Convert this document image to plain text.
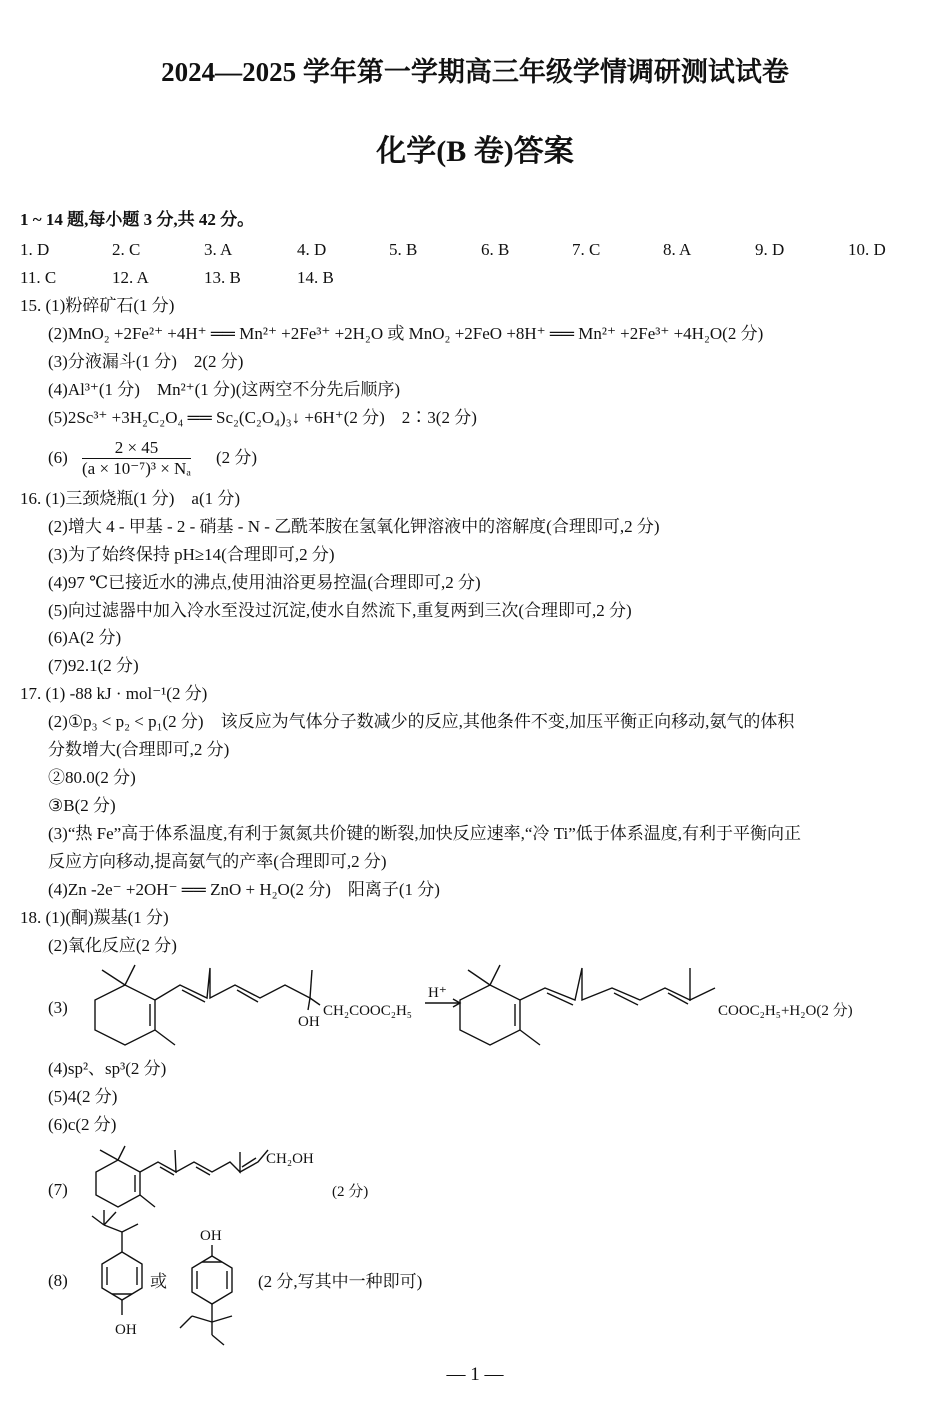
2024—2025 学年第一学期高三年级学情调研测试试卷
化学(B 卷)答案
1 ~ 14 题,每小题 3 分,共 42 分。
1. D	2. C	3. A	4. D	5. B	6. B	7. C	8. A	9. D	10. D
11. C	12. A	13. B	14. B
15. (1)粉碎矿石(1 分)
(2)MnO₂ +2Fe²⁺ +4H⁺ ══ Mn²⁺ +2Fe³⁺ +2H₂O 或 MnO₂ +2FeO +8H⁺ ══ Mn²⁺ +2Fe³⁺ +4H₂O(2 分)
(3)分液漏斗(1 分)　2(2 分)
(4)Al³⁺(1 分)　Mn²⁺(1 分)(这两空不分先后顺序)
(5)2Sc³⁺ +3H₂C₂O₄ ══ Sc₂(C₂O₄)₃↓ +6H⁺(2 分)　2∶3(2 分)
$(6) \frac{2 \times 45}{\text{(a × 10⁻⁷)³ × Nₐ}} (2$ 分)
16. (1)三颈烧瓶(1 分)　a(1 分)
(2)增大 4 - 甲基 - 2 - 硝基 - N - 乙酰苯胺在氢氧化钾溶液中的溶解度(合理即可,2 分)
(3)为了始终保持 pH≥14(合理即可,2 分)
(4)97 ℃已接近水的沸点,使用油浴更易控温(合理即可,2 分)
(5)向过滤器中加入冷水至没过沉淀,使水自然流下,重复两到三次(合理即可,2 分)
(6)A(2 分)
(7)92.1(2 分)
17. (1) -88 kJ · mol⁻¹(2 分)
(2)①p₃ < p₂ < p₁(2 分)　该反应为气体分子数减少的反应,其他条件不变,加压平衡正向移动,氨气的体积
分数增大(合理即可,2 分)
②80.0(2 分)
③B(2 分)
(3)“热 Fe”高于体系温度,有利于氮氮共价键的断裂,加快反应速率,“冷 Ti”低于体系温度,有利于平衡向正
反应方向移动,提高氨气的产率(合理即可,2 分)
(4)Zn -2e⁻ +2OH⁻ ══ ZnO + H₂O(2 分)　阳离子(1 分)
18. (1)(酮)羰基(1 分)
(2)氧化反应(2 分)
(3)
(4)sp²、sp³(2 分)
(5)4(2 分)
(6)c(2 分)
(7)
(8)
OH
CH₂COOC₂H₅
H⁺
COOC₂H₅+H₂O(2 分)
CH₂OH
(2 分)
OH
或
OH
(2 分,写其中一种即可)
— 1 —
